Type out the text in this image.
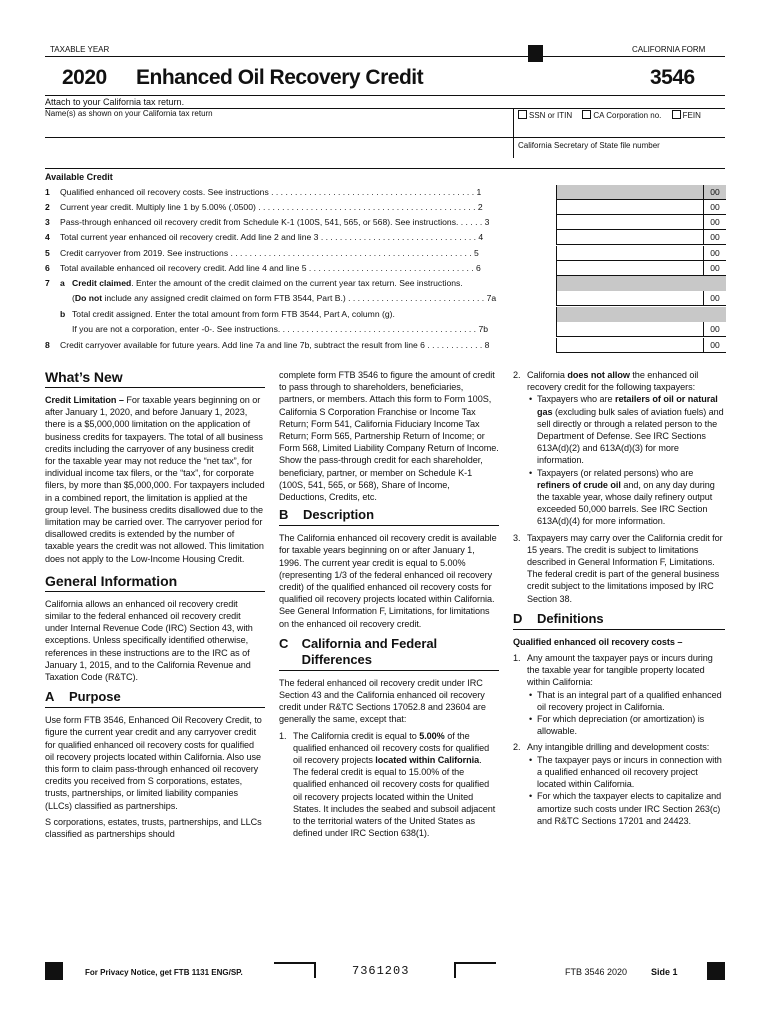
TAXABLE YEAR	CALIFORNIA FORM
2020 Enhanced Oil Recovery Credit	3546
Attach to your California tax return.
Name(s) as shown on your California tax return	SSN or ITIN	CA Corporation no.	FEIN
California Secretary of State file number
Available Credit
1 Qualified enhanced oil recovery costs. See instructions . . . . . . . . . . . . . . . . . . . . . . . . . . . . . . . . . . . . . . . . . . . 1	00
2 Current year credit. Multiply line 1 by 5.00% (.0500) . . . . . . . . . . . . . . . . . . . . . . . . . . . . . . . . . . . . . . . . . . . . . . 2	00
3 Pass-through enhanced oil recovery credit from Schedule K-1 (100S, 541, 565, or 568). See instructions. . . . . . 3	00
4 Total current year enhanced oil recovery credit. Add line 2 and line 3 . . . . . . . . . . . . . . . . . . . . . . . . . . . . . . . . . 4	00
5 Credit carryover from 2019. See instructions . . . . . . . . . . . . . . . . . . . . . . . . . . . . . . . . . . . . . . . . . . . . . . . . . . . 5	00
6 Total available enhanced oil recovery credit. Add line 4 and line 5 . . . . . . . . . . . . . . . . . . . . . . . . . . . . . . . . . . . 6	00
7 a Credit claimed. Enter the amount of the credit claimed on the current year tax return. See instructions.
(Do not include any assigned credit claimed on form FTB 3544, Part B.) . . . . . . . . . . . . . . . . . . . . . . . . . . . . . 7a	00
b Total credit assigned. Enter the total amount from form FTB 3544, Part A, column (g).
If you are not a corporation, enter -0-. See instructions. . . . . . . . . . . . . . . . . . . . . . . . . . . . . . . . . . . . . . . . . . 7b	00
8 Credit carryover available for future years. Add line 7a and line 7b, subtract the result from line 6 . . . . . . . . . . . . 8	00
What’s New

Credit Limitation – For taxable years beginning on or after January 1, 2020, and before January 1, 2023, there is a $5,000,000 limitation on the application of business credits for taxpayers. The total of all business credits including the carryover of any business credit for the taxable year may not reduce the “net tax”, for individual income tax filers, or the “tax”, for corporate filers, by more than $5,000,000. For taxpayers included in a combined report, the limitation is applied at the group level. The business credits disallowed due to the limitation may be carried over. The carryover period for disallowed credits is extended by the number of taxable years the credit was not allowed. This limitation does not apply to the Low-Income Housing Credit.

General Information

California allows an enhanced oil recovery credit similar to the federal enhanced oil recovery credit under Internal Revenue Code (IRC) Section 43, with exceptions. Unless specifically identified otherwise, references in these instructions are to the IRC as of January 1, 2015, and to the California Revenue and Taxation Code (R&TC).

A Purpose

Use form FTB 3546, Enhanced Oil Recovery Credit, to figure the current year credit and any carryover credit for qualified enhanced oil recovery costs for qualified oil recovery projects located within California. Also use this form to claim pass-through enhanced oil recovery credits you received from S corporations, estates, trusts, partnerships, or limited liability companies (LLCs) classified as partnerships.

S corporations, estates, trusts, partnerships, and LLCs classified as partnerships should

complete form FTB 3546 to figure the amount of credit to pass through to shareholders, beneficiaries, partners, or members. Attach this form to Form 100S, California S Corporation Franchise or Income Tax Return; Form 541, California Fiduciary Income Tax Return; Form 565, Partnership Return of Income; or Form 568, Limited Liability Company Return of Income. Show the pass-through credit for each shareholder, beneficiary, partner, or member on Schedule K-1 (100S, 541, 565, or 568), Share of Income, Deductions, Credits, etc.

B Description

The California enhanced oil recovery credit is available for taxable years beginning on or after January 1, 1996. The current year credit is equal to 5.00% (representing 1/3 of the federal enhanced oil recovery credit) of the qualified enhanced oil recovery costs for qualified oil recovery projects located within California. See General Information F, Limitations, for limitations on the enhanced oil recovery credit.

C	California and Federal Differences

The federal enhanced oil recovery credit under IRC Section 43 and the California enhanced oil recovery credit under R&TC Sections 17052.8 and 23604 are generally the same, except that:

1. The California credit is equal to 5.00% of the qualified enhanced oil recovery costs for qualified oil recovery projects located within California. The federal credit is equal to 15.00% of the qualified enhanced oil recovery costs for qualified oil recovery projects located within the United States. It includes the seabed and subsoil adjacent to the territorial waters of the United States as defined under IRC Section 638(1).
2. California does not allow the enhanced oil recovery credit for the following taxpayers:
• Taxpayers who are retailers of oil or natural gas (excluding bulk sales of aviation fuels) and sell directly or through a related person to the Department of Defense. See IRC Sections 613A(d)(2) and 613A(d)(3) for more information.
• Taxpayers (or related persons) who are refiners of crude oil and, on any day during the taxable year, whose daily refinery output exceeded 50,000 barrels. See IRC Section 613A(d)(4) for more information.
3. Taxpayers may carry over the California credit for 15 years. The credit is subject to limitations described in General Information F, Limitations. The federal credit is part of the general business credit subject to the limitations imposed by IRC Section 38.
D Definitions

Qualified enhanced oil recovery costs –

1. Any amount the taxpayer pays or incurs during the taxable year for tangible property located within California:
• That is an integral part of a qualified enhanced oil recovery project in California.
• For which depreciation (or amortization) is allowable.
2. Any intangible drilling and development costs:
• The taxpayer pays or incurs in connection with a qualified enhanced oil recovery project located within California.
• For which the taxpayer elects to capitalize and amortize such costs under IRC Section 263(c) and R&TC Sections 17201 and 24423.
For Privacy Notice, get FTB 1131 ENG/SP.	7361203	FTB 3546 2020	Side 1
